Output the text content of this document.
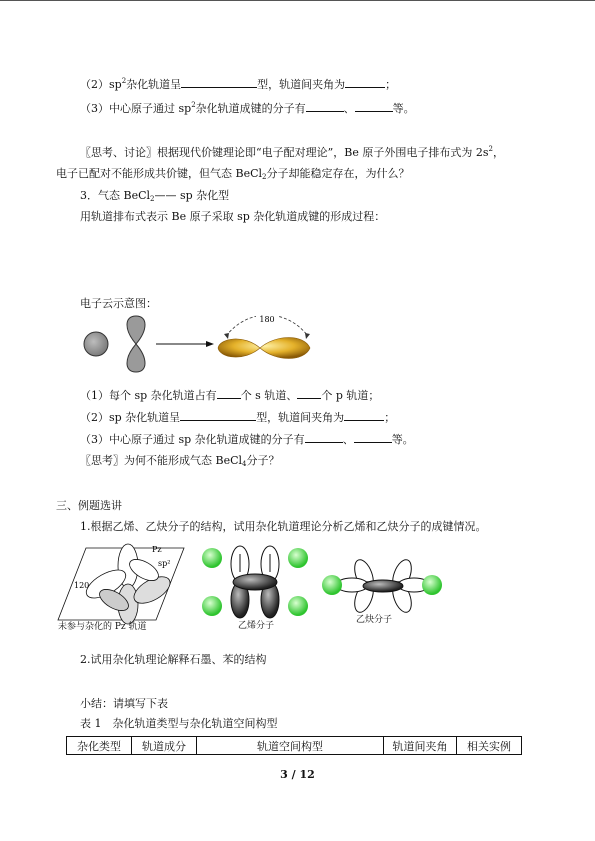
$(2)sp^2$杂化轨道呈	型，轨道间夹角为	；
（3）中心原子通过 $sp^2$杂化轨道成键的分子有	、	等。
〖思考、讨论〗根据现代价键理论即“电子配对理论”，Be 原子外围电子排布式为 $2s^2$，
电子已配对不能形成共价键，但气态 BeCl$_2$分子却能稳定存在，为什么？
3．气态 BeCl$_2$—— sp 杂化型
用轨道排布式表示 Be 原子采取 sp 杂化轨道成键的形成过程：
电子云示意图：
180
（1）每个 sp 杂化轨道占有 个 s 轨道、 个 p 轨道；
（2）sp 杂化轨道呈	型，轨道间夹角为	；
（3）中心原子通过 sp 杂化轨道成键的分子有	、	等。
〖思考〗为何不能形成气态 BeCl$_4$分子？
三、例题选讲
1.根据乙烯、乙炔分子的结构，试用杂化轨道理论分析乙烯和乙炔分子的成键情况。
120
Pz
sp²
未参与杂化的 Pz 轨道	乙烯分子
乙炔分子
2.试用杂化轨理论解释石墨、苯的结构
小结：请填写下表
表 1　杂化轨道类型与杂化轨道空间构型
杂化类型	轨道成分	轨道空间构型	轨道间夹角	相关实例
3 / 12
